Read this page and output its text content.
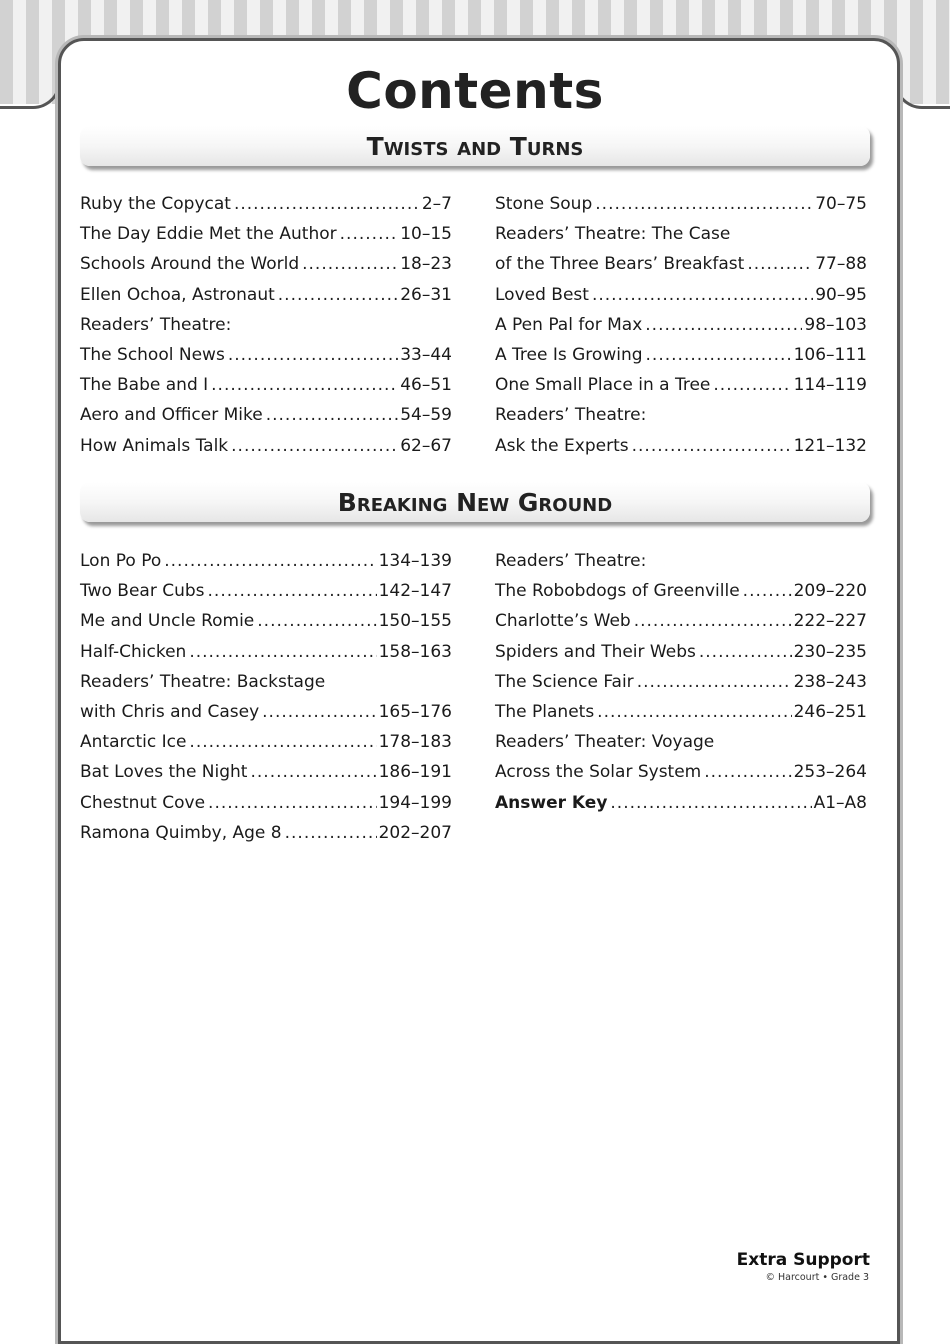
Contents
Twists and Turns
Ruby the Copycat .....	2–7
The Day Eddie Met the Author .....	10–15
Schools Around the World .....	18–23
Ellen Ochoa, Astronaut .....	26–31
Readers’ Theatre:
The School News .....	33–44
The Babe and I .....	46–51
Aero and Officer Mike .....	54–59
How Animals Talk .....	62–67
Stone Soup .....	70–75
Readers’ Theatre: The Case
of the Three Bears’ Breakfast .....	77–88
Loved Best .....	90–95
A Pen Pal for Max .....	98–103
A Tree Is Growing .....	106–111
One Small Place in a Tree .....	114–119
Readers’ Theatre:
Ask the Experts .....	121–132
Breaking New Ground
Lon Po Po .....	134–139
Two Bear Cubs .....	142–147
Me and Uncle Romie .....	150–155
Half-Chicken .....	158–163
Readers’ Theatre: Backstage
with Chris and Casey .....	165–176
Antarctic Ice .....	178–183
Bat Loves the Night .....	186–191
Chestnut Cove .....	194–199
Ramona Quimby, Age 8 .....	202–207
Readers’ Theatre:
The Robobdogs of Greenville .....	209–220
Charlotte’s Web .....	222–227
Spiders and Their Webs .....	230–235
The Science Fair .....	238–243
The Planets .....	246–251
Readers’ Theater: Voyage
Across the Solar System .....	253–264
Answer Key .....	A1–A8
Extra Support
© Harcourt • Grade 3
